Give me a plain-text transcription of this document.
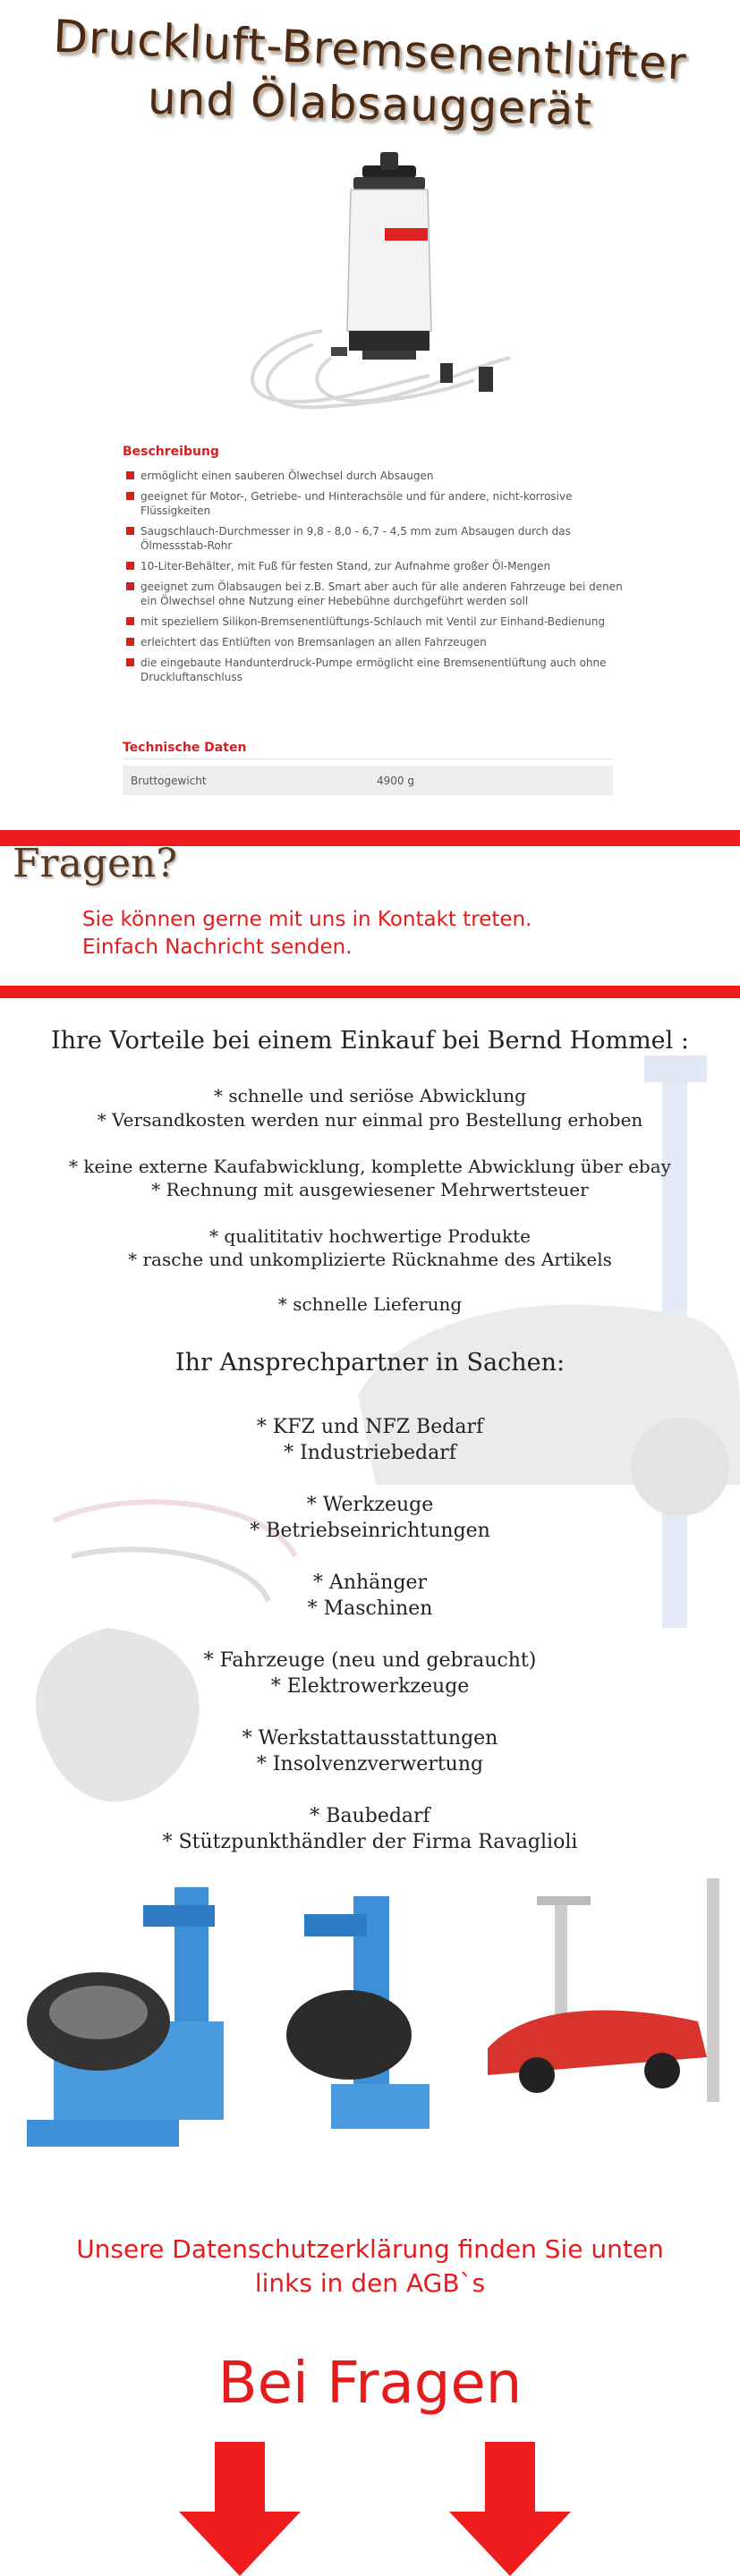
Druckluft-Bremsenentlüfter
und Ölabsauggerät
Beschreibung
ermöglicht einen sauberen Ölwechsel durch Absaugen
geeignet für Motor-, Getriebe- und Hinterachsöle und für andere, nicht-korrosive Flüssigkeiten
Saugschlauch-Durchmesser in 9,8 - 8,0 - 6,7 - 4,5 mm zum Absaugen durch das Ölmessstab-Rohr
10-Liter-Behälter, mit Fuß für festen Stand, zur Aufnahme großer Öl-Mengen
geeignet zum Ölabsaugen bei z.B. Smart aber auch für alle anderen Fahrzeuge bei denen ein Ölwechsel ohne Nutzung einer Hebebühne durchgeführt werden soll
mit speziellem Silikon-Bremsenentlüftungs-Schlauch mit Ventil zur Einhand-Bedienung
erleichtert das Entlüften von Bremsanlagen an allen Fahrzeugen
die eingebaute Handunterdruck-Pumpe ermöglicht eine Bremsenentlüftung auch ohne Druckluftanschluss
Technische Daten
Bruttogewicht	4900 g
Fragen?
Sie können gerne mit uns in Kontakt treten.
Einfach Nachricht senden.
Ihre Vorteile bei einem Einkauf bei Bernd Hommel :
* schnelle und seriöse Abwicklung
* Versandkosten werden nur einmal pro Bestellung erhoben
* keine externe Kaufabwicklung, komplette Abwicklung über ebay
* Rechnung mit ausgewiesener Mehrwertsteuer
* qualititativ hochwertige Produkte
* rasche und unkomplizierte Rücknahme des Artikels
* schnelle Lieferung
Ihr Ansprechpartner in Sachen:
* KFZ und NFZ Bedarf
* Industriebedarf
* Werkzeuge
* Betriebseinrichtungen
* Anhänger
* Maschinen
* Fahrzeuge (neu und gebraucht)
* Elektrowerkzeuge
* Werkstattausstattungen
* Insolvenzverwertung
* Baubedarf
* Stützpunkthändler der Firma Ravaglioli
Unsere Datenschutzerklärung finden Sie unten
links in den AGB`s
Bei Fragen
